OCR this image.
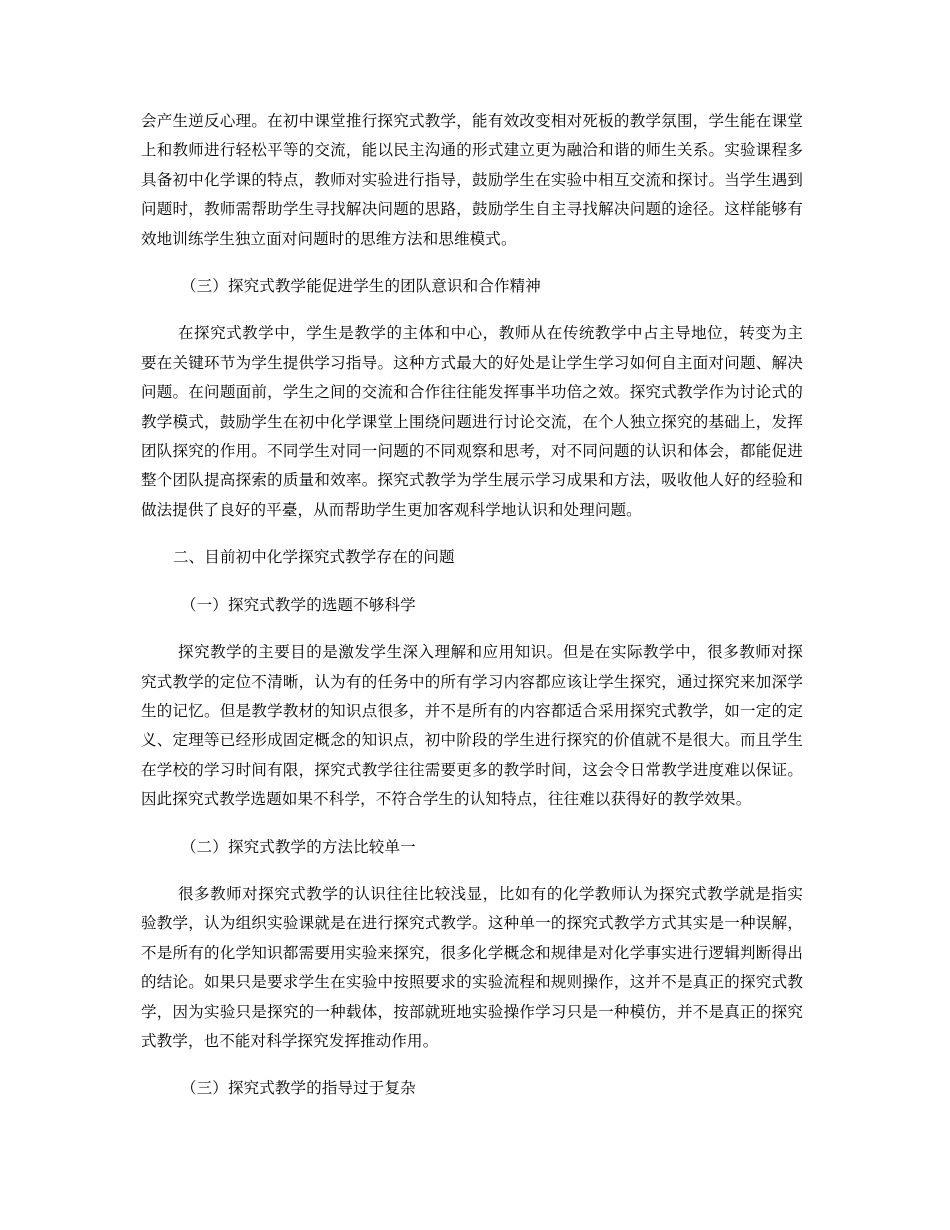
会产生逆反心理。在初中课堂推行探究式教学，能有效改变相对死板的教学氛围，学生能在课堂上和教师进行轻松平等的交流，能以民主沟通的形式建立更为融洽和谐的师生关系。实验课程多具备初中化学课的特点，教师对实验进行指导，鼓励学生在实验中相互交流和探讨。当学生遇到问题时，教师需帮助学生寻找解决问题的思路，鼓励学生自主寻找解决问题的途径。这样能够有效地训练学生独立面对问题时的思维方法和思维模式。

（三）探究式教学能促进学生的团队意识和合作精神

在探究式教学中，学生是教学的主体和中心，教师从在传统教学中占主导地位，转变为主要在关键环节为学生提供学习指导。这种方式最大的好处是让学生学习如何自主面对问题、解决问题。在问题面前，学生之间的交流和合作往往能发挥事半功倍之效。探究式教学作为讨论式的教学模式，鼓励学生在初中化学课堂上围绕问题进行讨论交流，在个人独立探究的基础上，发挥团队探究的作用。不同学生对同一问题的不同观察和思考，对不同问题的认识和体会，都能促进整个团队提高探索的质量和效率。探究式教学为学生展示学习成果和方法，吸收他人好的经验和做法提供了良好的平臺，从而帮助学生更加客观科学地认识和处理问题。

二、目前初中化学探究式教学存在的问题

（一）探究式教学的选题不够科学

探究教学的主要目的是激发学生深入理解和应用知识。但是在实际教学中，很多教师对探究式教学的定位不清晰，认为有的任务中的所有学习内容都应该让学生探究，通过探究来加深学生的记忆。但是教学教材的知识点很多，并不是所有的内容都适合采用探究式教学，如一定的定义、定理等已经形成固定概念的知识点，初中阶段的学生进行探究的价值就不是很大。而且学生在学校的学习时间有限，探究式教学往往需要更多的教学时间，这会令日常教学进度难以保证。因此探究式教学选题如果不科学，不符合学生的认知特点，往往难以获得好的教学效果。

（二）探究式教学的方法比较单一

很多教师对探究式教学的认识往往比较浅显，比如有的化学教师认为探究式教学就是指实验教学，认为组织实验课就是在进行探究式教学。这种单一的探究式教学方式其实是一种误解，不是所有的化学知识都需要用实验来探究，很多化学概念和规律是对化学事实进行逻辑判断得出的结论。如果只是要求学生在实验中按照要求的实验流程和规则操作，这并不是真正的探究式教学，因为实验只是探究的一种载体，按部就班地实验操作学习只是一种模仿，并不是真正的探究式教学，也不能对科学探究发挥推动作用。

（三）探究式教学的指导过于复杂
